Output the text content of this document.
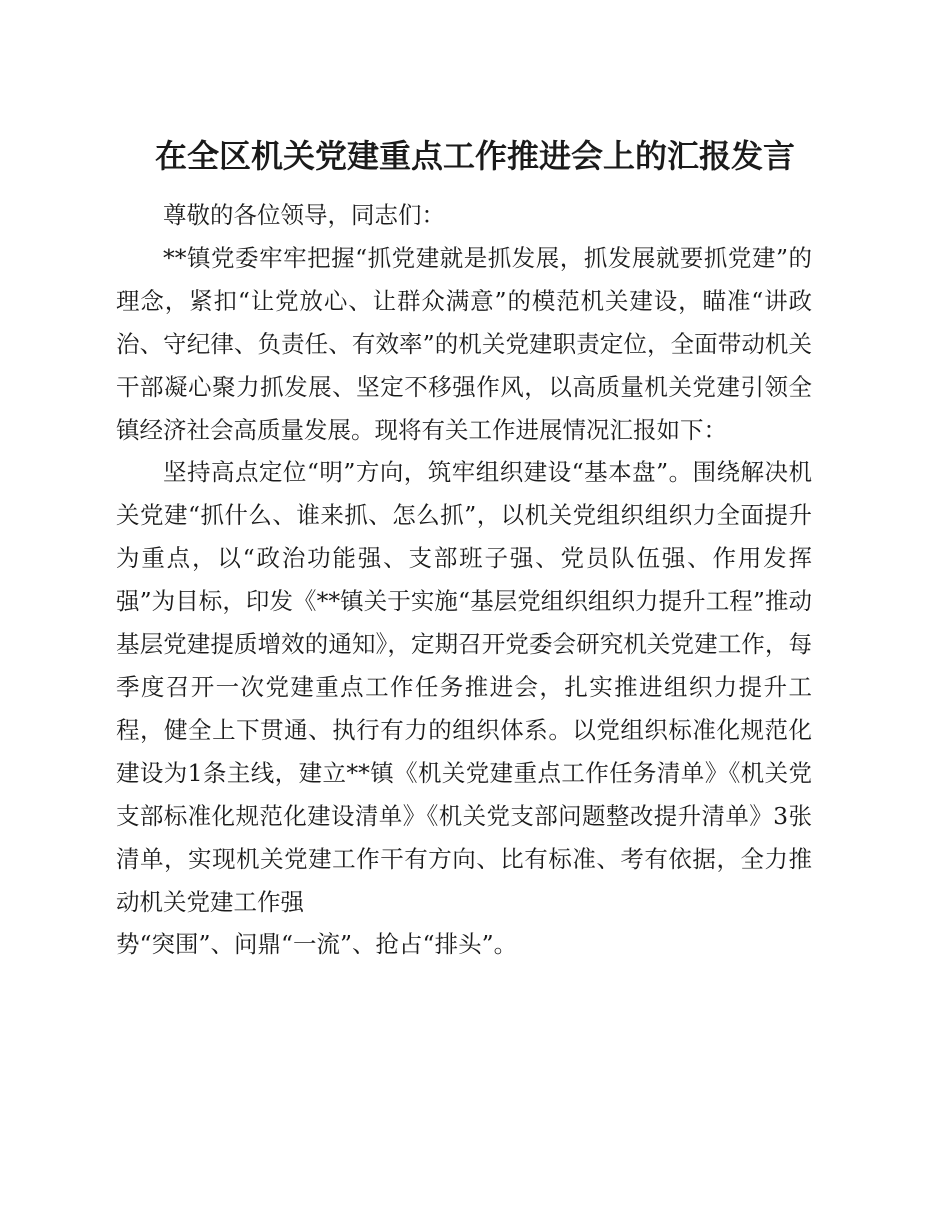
在全区机关党建重点工作推进会上的汇报发言

尊敬的各位领导，同志们：

**镇党委牢牢把握“抓党建就是抓发展，抓发展就要抓党建”的理念，紧扣“让党放心、让群众满意”的模范机关建设，瞄准“讲政治、守纪律、负责任、有效率”的机关党建职责定位，全面带动机关干部凝心聚力抓发展、坚定不移强作风，以高质量机关党建引领全镇经济社会高质量发展。现将有关工作进展情况汇报如下：

坚持高点定位“明”方向，筑牢组织建设“基本盘”。围绕解决机关党建“抓什么、谁来抓、怎么抓”，以机关党组织组织力全面提升为重点，以“政治功能强、支部班子强、党员队伍强、作用发挥强”为目标，印发《**镇关于实施“基层党组织组织力提升工程”推动基层党建提质增效的通知》，定期召开党委会研究机关党建工作，每季度召开一次党建重点工作任务推进会，扎实推进组织力提升工程，健全上下贯通、执行有力的组织体系。以党组织标准化规范化建设为1条主线，建立**镇《机关党建重点工作任务清单》《机关党支部标准化规范化建设清单》《机关党支部问题整改提升清单》3张清单，实现机关党建工作干有方向、比有标准、考有依据，全力推动机关党建工作强

势“突围”、问鼎“一流”、抢占“排头”。
